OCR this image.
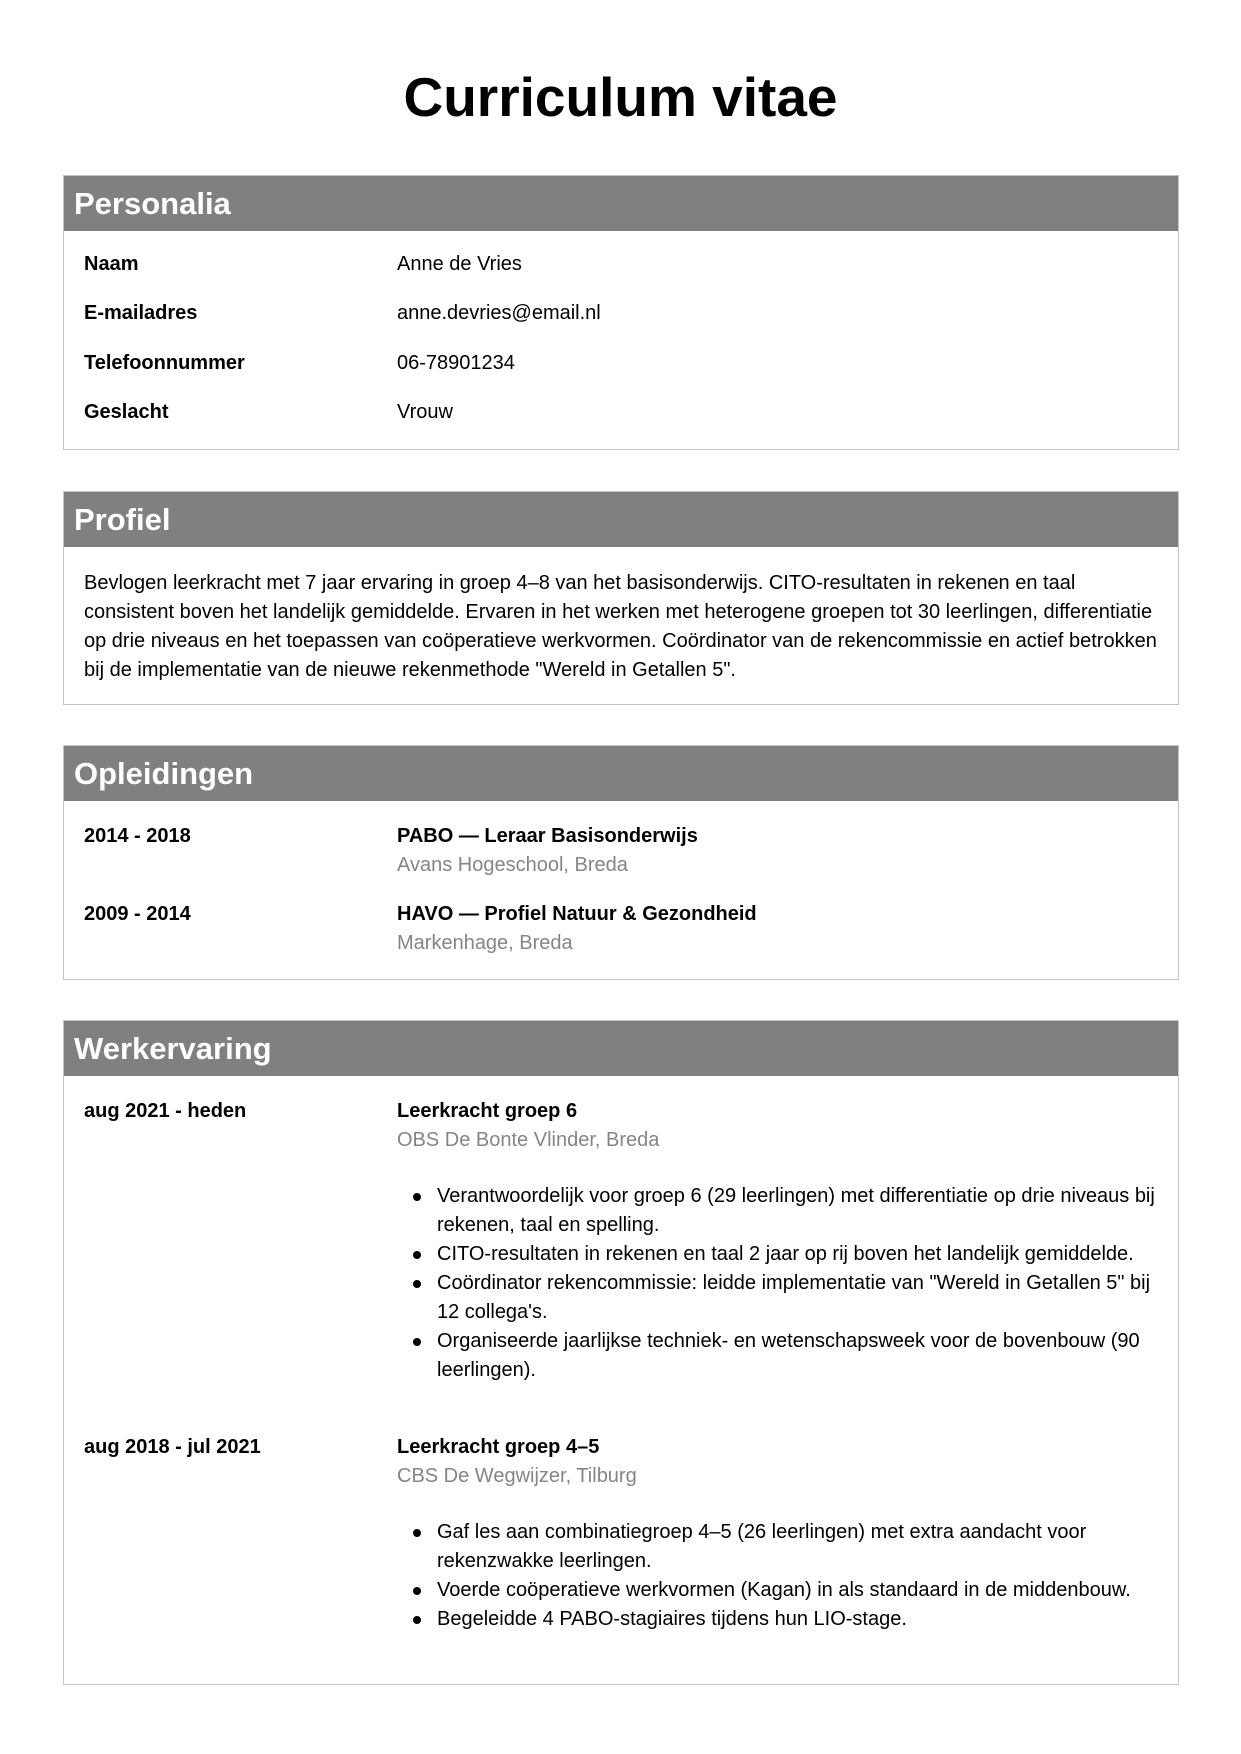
Curriculum vitae
Personalia
Naam	Anne de Vries
E-mailadres	anne.devries@email.nl
Telefoonnummer	06-78901234
Geslacht	Vrouw
Profiel
Bevlogen leerkracht met 7 jaar ervaring in groep 4–8 van het basisonderwijs. CITO-resultaten in rekenen en taal consistent boven het landelijk gemiddelde. Ervaren in het werken met heterogene groepen tot 30 leerlingen, differentiatie op drie niveaus en het toepassen van coöperatieve werkvormen. Coördinator van de rekencommissie en actief betrokken bij de implementatie van de nieuwe rekenmethode "Wereld in Getallen 5".
Opleidingen
2014 - 2018	PABO — Leraar Basisonderwijs
Avans Hogeschool, Breda
2009 - 2014	HAVO — Profiel Natuur & Gezondheid
Markenhage, Breda
Werkervaring
aug 2021 - heden	Leerkracht groep 6
OBS De Bonte Vlinder, Breda
Verantwoordelijk voor groep 6 (29 leerlingen) met differentiatie op drie niveaus bij rekenen, taal en spelling.
CITO-resultaten in rekenen en taal 2 jaar op rij boven het landelijk gemiddelde.
Coördinator rekencommissie: leidde implementatie van "Wereld in Getallen 5" bij 12 collega's.
Organiseerde jaarlijkse techniek- en wetenschapsweek voor de bovenbouw (90 leerlingen).
aug 2018 - jul 2021	Leerkracht groep 4–5
CBS De Wegwijzer, Tilburg
Gaf les aan combinatiegroep 4–5 (26 leerlingen) met extra aandacht voor rekenzwakke leerlingen.
Voerde coöperatieve werkvormen (Kagan) in als standaard in de middenbouw.
Begeleidde 4 PABO-stagiaires tijdens hun LIO-stage.
